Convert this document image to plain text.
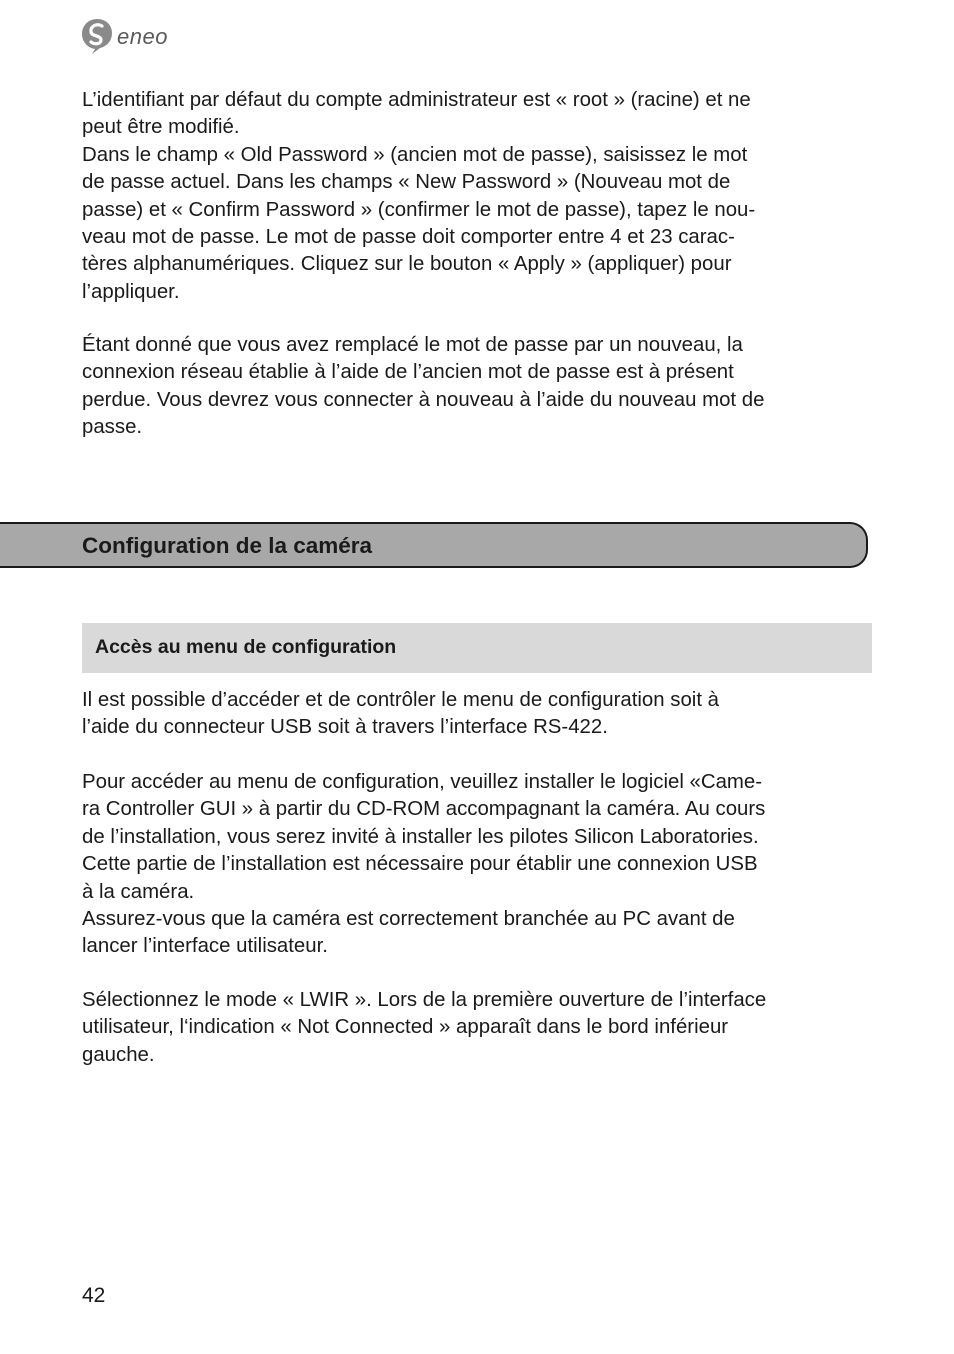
eneo

L’identifiant par défaut du compte administrateur est « root » (racine) et ne
peut être modifié.
Dans le champ « Old Password » (ancien mot de passe), saisissez le mot
de passe actuel. Dans les champs « New Password » (Nouveau mot de
passe) et « Confirm Password » (confirmer le mot de passe), tapez le nou-
veau mot de passe. Le mot de passe doit comporter entre 4 et 23 carac-
tères alphanumériques. Cliquez sur le bouton « Apply » (appliquer) pour
l’appliquer.

Étant donné que vous avez remplacé le mot de passe par un nouveau, la
connexion réseau établie à l’aide de l’ancien mot de passe est à présent
perdue. Vous devrez vous connecter à nouveau à l’aide du nouveau mot de
passe.

Configuration de la caméra
Accès au menu de configuration

Il est possible d’accéder et de contrôler le menu de configuration soit à
l’aide du connecteur USB soit à travers l’interface RS-422.

Pour accéder au menu de configuration, veuillez installer le logiciel «Came-
ra Controller GUI » à partir du CD-ROM accompagnant la caméra. Au cours
de l’installation, vous serez invité à installer les pilotes Silicon Laboratories.
Cette partie de l’installation est nécessaire pour établir une connexion USB
à la caméra.
Assurez-vous que la caméra est correctement branchée au PC avant de
lancer l’interface utilisateur.

Sélectionnez le mode « LWIR ». Lors de la première ouverture de l’interface
utilisateur, l‘indication « Not Connected » apparaît dans le bord inférieur
gauche.

42
